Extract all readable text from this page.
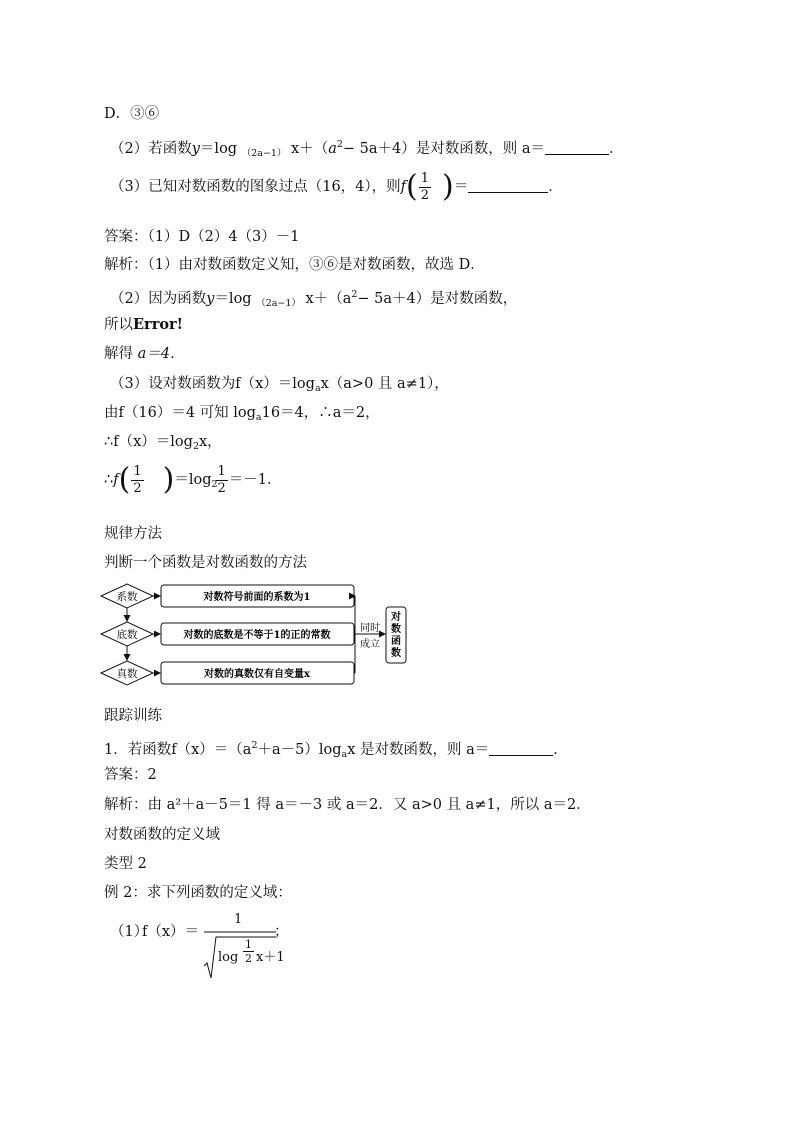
D．③⑥
（2）若函数y＝log $_{(2a-1)}$ $x+(a^2- 5a+4)$是对数函数，则 a＝	．
（3）已知对数函数的图象过点（16，4），则$f( \frac{1}{2}$ )＝	．
答案：（1）D（2）4（3）－1
解析：（1）由对数函数定义知，③⑥是对数函数，故选 D．
（2）因为函数y＝log $_{(2a-1)}$ $x+(a^2- 5a+4)$是对数函数，
所以Error!
解得 a＝4．
（3）设对数函数为$f(x)=\log_ax(a>0$ 且 a≠1），
由f（16）＝4 可知 $\log_a16=4$，∴a＝2，
$\therefore f(x)=\log_2x$，
∴f( $\frac{1}{2} )=\log_2$
$\frac{1}{2} =-1$．
规律方法
判断一个函数是对数函数的方法
系数
底数
真数
对数符号前面的系数为1
对数的底数是不等于1的正的常数
对数的真数仅有自变量x
同时
成立
对
数
函
数
跟踪训练
1．若函数$f(x)=(a^2+a-5)\log_ax$ 是对数函数，则 a＝	．
答案：2
解析：由 a²＋a－5＝1 得 a＝－3 或 a＝2．又 a>0 且 a≠1，所以 a＝2．
对数函数的定义域
类型 2
例 2：求下列函数的定义域：
（1）
f（x）＝
1
$\log \frac{1}{2} x+1$
；
